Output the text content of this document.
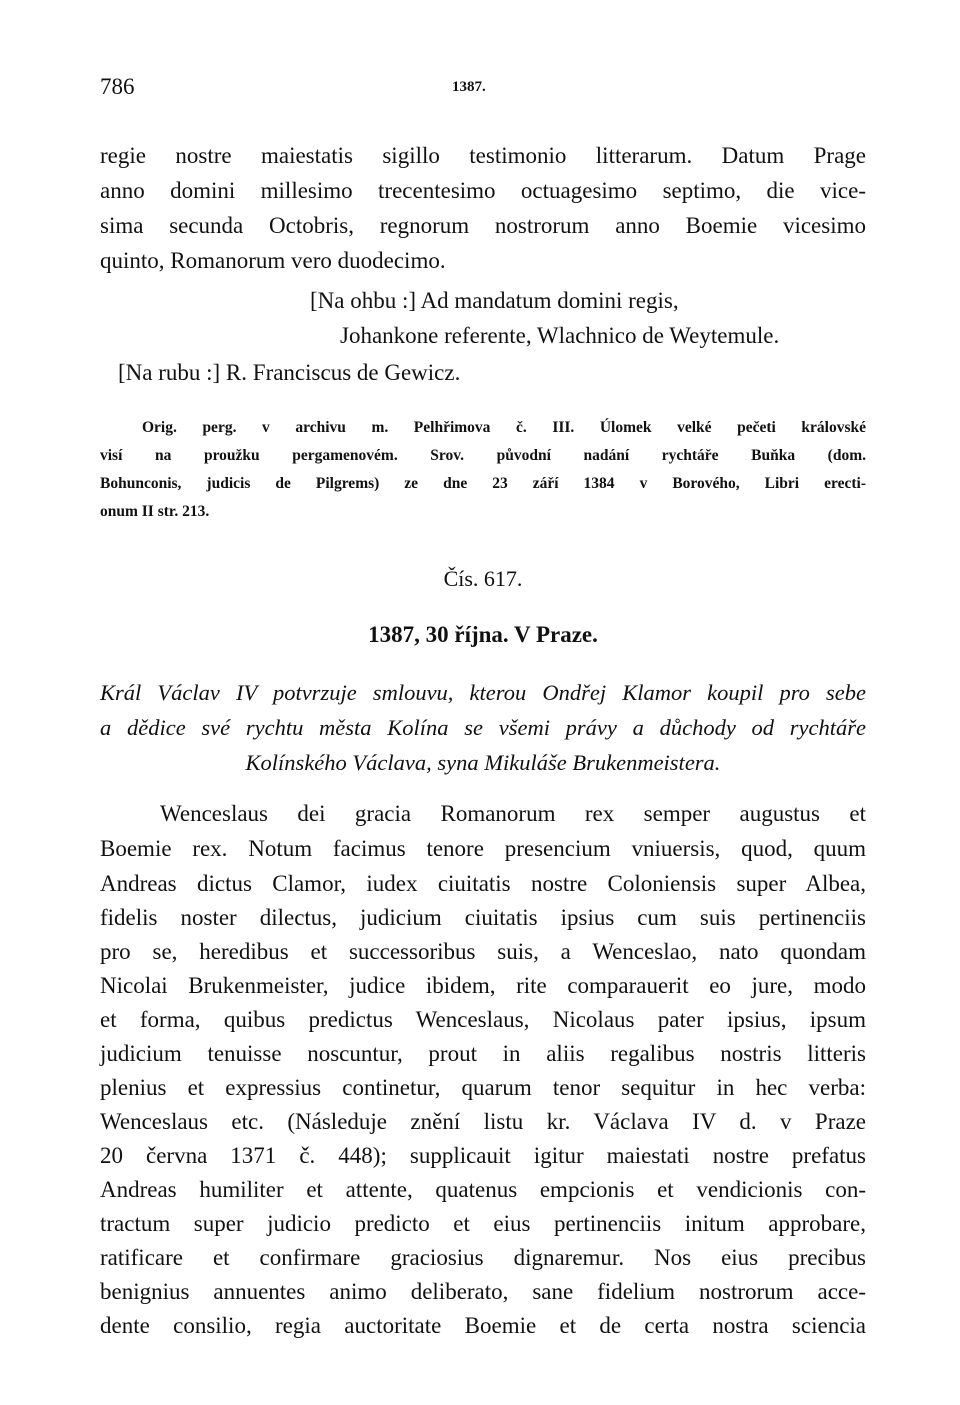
786	1387.
regie nostre maiestatis sigillo testimonio litterarum. Datum Prage
anno domini millesimo trecentesimo octuagesimo septimo, die vice-
sima secunda Octobris, regnorum nostrorum anno Boemie vicesimo
quinto, Romanorum vero duodecimo.
[Na ohbu :] Ad mandatum domini regis,
Johankone referente, Wlachnico de Weytemule.
[Na rubu :] R. Franciscus de Gewicz.
Orig. perg. v archivu m. Pelhřimova č. III. Úlomek velké pečeti královské
visí na proužku pergamenovém. Srov. původní nadání rychtáře Buňka (dom.
Bohunconis, judicis de Pilgrems) ze dne 23 září 1384 v Borového, Libri erecti-
onum II str. 213.
Čís. 617.
1387, 30 října. V Praze.
Král Václav IV potvrzuje smlouvu, kterou Ondřej Klamor koupil pro sebe
a dědice své rychtu města Kolína se všemi právy a důchody od rychtáře
Kolínského Václava, syna Mikuláše Brukenmeistera.
Wenceslaus dei gracia Romanorum rex semper augustus et
Boemie rex. Notum facimus tenore presencium vniuersis, quod, quum
Andreas dictus Clamor, iudex ciuitatis nostre Coloniensis super Albea,
fidelis noster dilectus, judicium ciuitatis ipsius cum suis pertinenciis
pro se, heredibus et successoribus suis, a Wenceslao, nato quondam
Nicolai Brukenmeister, judice ibidem, rite comparauerit eo jure, modo
et forma, quibus predictus Wenceslaus, Nicolaus pater ipsius, ipsum
judicium tenuisse noscuntur, prout in aliis regalibus nostris litteris
plenius et expressius continetur, quarum tenor sequitur in hec verba:
Wenceslaus etc. (Následuje znění listu kr. Václava IV d. v Praze
20 června 1371 č. 448); supplicauit igitur maiestati nostre prefatus
Andreas humiliter et attente, quatenus empcionis et vendicionis con-
tractum super judicio predicto et eius pertinenciis initum approbare,
ratificare et confirmare graciosius dignaremur. Nos eius precibus
benignius annuentes animo deliberato, sane fidelium nostrorum acce-
dente consilio, regia auctoritate Boemie et de certa nostra sciencia
